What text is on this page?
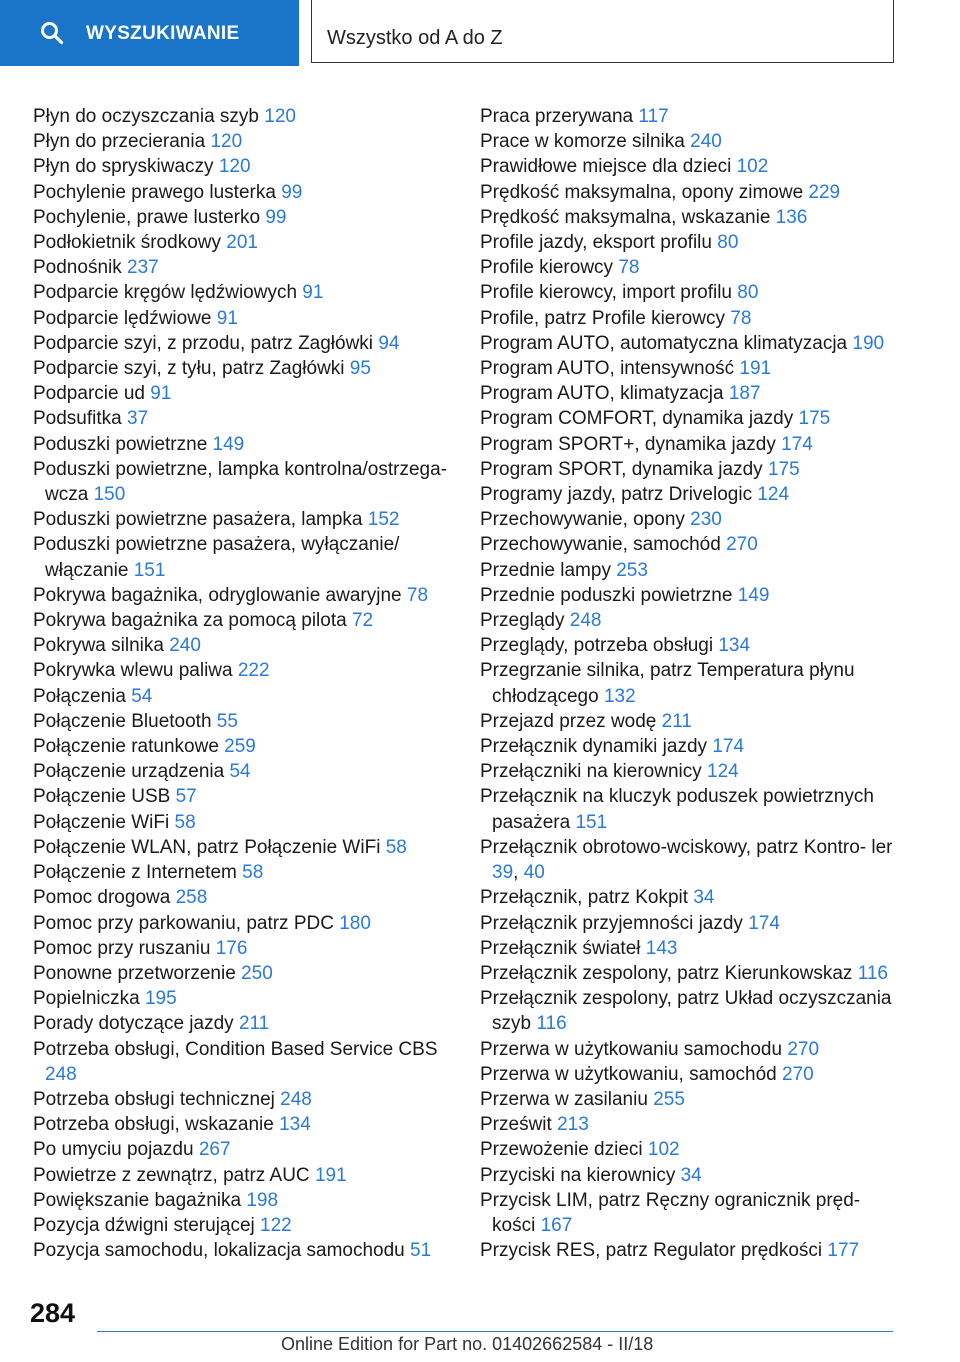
WYSZUKIWANIE	Wszystko od A do Z
Płyn do oczyszczania szyb 120
Płyn do przecierania 120
Płyn do spryskiwaczy 120
Pochylenie prawego lusterka 99
Pochylenie, prawe lusterko 99
Podłokietnik środkowy 201
Podnośnik 237
Podparcie kręgów lędźwiowych 91
Podparcie lędźwiowe 91
Podparcie szyi, z przodu, patrz Zagłówki 94
Podparcie szyi, z tyłu, patrz Zagłówki 95
Podparcie ud 91
Podsufitka 37
Poduszki powietrzne 149
Poduszki powietrzne, lampka kontrolna/ostrzega‐ wcza 150
Poduszki powietrzne pasażera, lampka 152
Poduszki powietrzne pasażera, wyłączanie/ włączanie 151
Pokrywa bagażnika, odryglowanie awaryjne 78
Pokrywa bagażnika za pomocą pilota 72
Pokrywa silnika 240
Pokrywka wlewu paliwa 222
Połączenia 54
Połączenie Bluetooth 55
Połączenie ratunkowe 259
Połączenie urządzenia 54
Połączenie USB 57
Połączenie WiFi 58
Połączenie WLAN, patrz Połączenie WiFi 58
Połączenie z Internetem 58
Pomoc drogowa 258
Pomoc przy parkowaniu, patrz PDC 180
Pomoc przy ruszaniu 176
Ponowne przetworzenie 250
Popielniczka 195
Porady dotyczące jazdy 211
Potrzeba obsługi, Condition Based Service CBS 248
Potrzeba obsługi technicznej 248
Potrzeba obsługi, wskazanie 134
Po umyciu pojazdu 267
Powietrze z zewnątrz, patrz AUC 191
Powiększanie bagażnika 198
Pozycja dźwigni sterującej 122
Pozycja samochodu, lokalizacja samochodu 51
Praca przerywana 117
Prace w komorze silnika 240
Prawidłowe miejsce dla dzieci 102
Prędkość maksymalna, opony zimowe 229
Prędkość maksymalna, wskazanie 136
Profile jazdy, eksport profilu 80
Profile kierowcy 78
Profile kierowcy, import profilu 80
Profile, patrz Profile kierowcy 78
Program AUTO, automatyczna klimatyzacja 190
Program AUTO, intensywność 191
Program AUTO, klimatyzacja 187
Program COMFORT, dynamika jazdy 175
Program SPORT+, dynamika jazdy 174
Program SPORT, dynamika jazdy 175
Programy jazdy, patrz Drivelogic 124
Przechowywanie, opony 230
Przechowywanie, samochód 270
Przednie lampy 253
Przednie poduszki powietrzne 149
Przeglądy 248
Przeglądy, potrzeba obsługi 134
Przegrzanie silnika, patrz Temperatura płynu chłodzącego 132
Przejazd przez wodę 211
Przełącznik dynamiki jazdy 174
Przełączniki na kierownicy 124
Przełącznik na kluczyk poduszek powietrznych pasażera 151
Przełącznik obrotowo-wciskowy, patrz Kontro‐ ler 39, 40
Przełącznik, patrz Kokpit 34
Przełącznik przyjemności jazdy 174
Przełącznik świateł 143
Przełącznik zespolony, patrz Kierunkowskaz 116
Przełącznik zespolony, patrz Układ oczyszczania szyb 116
Przerwa w użytkowaniu samochodu 270
Przerwa w użytkowaniu, samochód 270
Przerwa w zasilaniu 255
Prześwit 213
Przewożenie dzieci 102
Przyciski na kierownicy 34
Przycisk LIM, patrz Ręczny ogranicznik pręd‐ kości 167
Przycisk RES, patrz Regulator prędkości 177
284
Online Edition for Part no. 01402662584 - II/18
